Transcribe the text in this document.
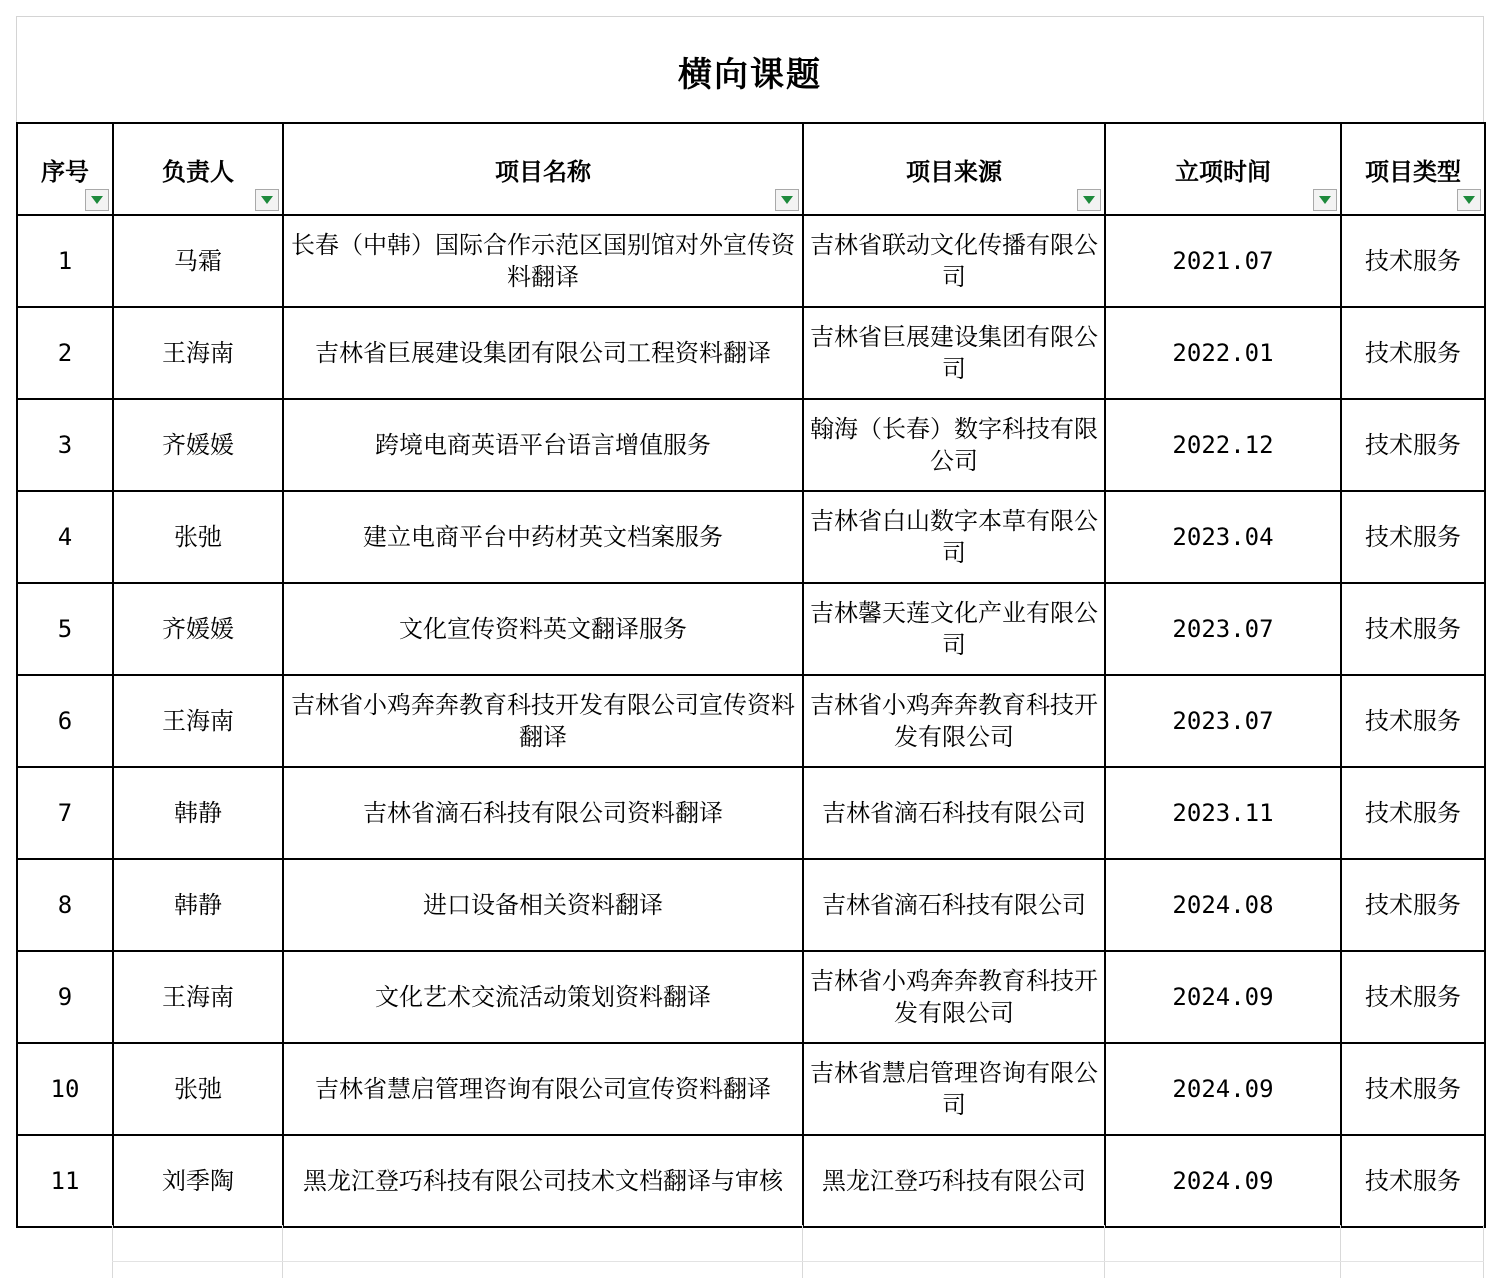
横向课题
序号	负责人	项目名称	项目来源	立项时间	项目类型

1	马霜	长春（中韩）国际合作示范区国别馆对外宣传资料翻译	吉林省联动文化传播有限公司	2021.07	技术服务
2	王海南	吉林省巨展建设集团有限公司工程资料翻译	吉林省巨展建设集团有限公司	2022.01	技术服务
3	齐媛媛	跨境电商英语平台语言增值服务	翰海（长春）数字科技有限公司	2022.12	技术服务
4	张弛	建立电商平台中药材英文档案服务	吉林省白山数字本草有限公司	2023.04	技术服务
5	齐媛媛	文化宣传资料英文翻译服务	吉林馨天莲文化产业有限公司	2023.07	技术服务
6	王海南	吉林省小鸡奔奔教育科技开发有限公司宣传资料翻译	吉林省小鸡奔奔教育科技开发有限公司	2023.07	技术服务
7	韩静	吉林省滴石科技有限公司资料翻译	吉林省滴石科技有限公司	2023.11	技术服务
8	韩静	进口设备相关资料翻译	吉林省滴石科技有限公司	2024.08	技术服务
9	王海南	文化艺术交流活动策划资料翻译	吉林省小鸡奔奔教育科技开发有限公司	2024.09	技术服务
10	张弛	吉林省慧启管理咨询有限公司宣传资料翻译	吉林省慧启管理咨询有限公司	2024.09	技术服务
11	刘季陶	黑龙江登巧科技有限公司技术文档翻译与审核	黑龙江登巧科技有限公司	2024.09	技术服务
